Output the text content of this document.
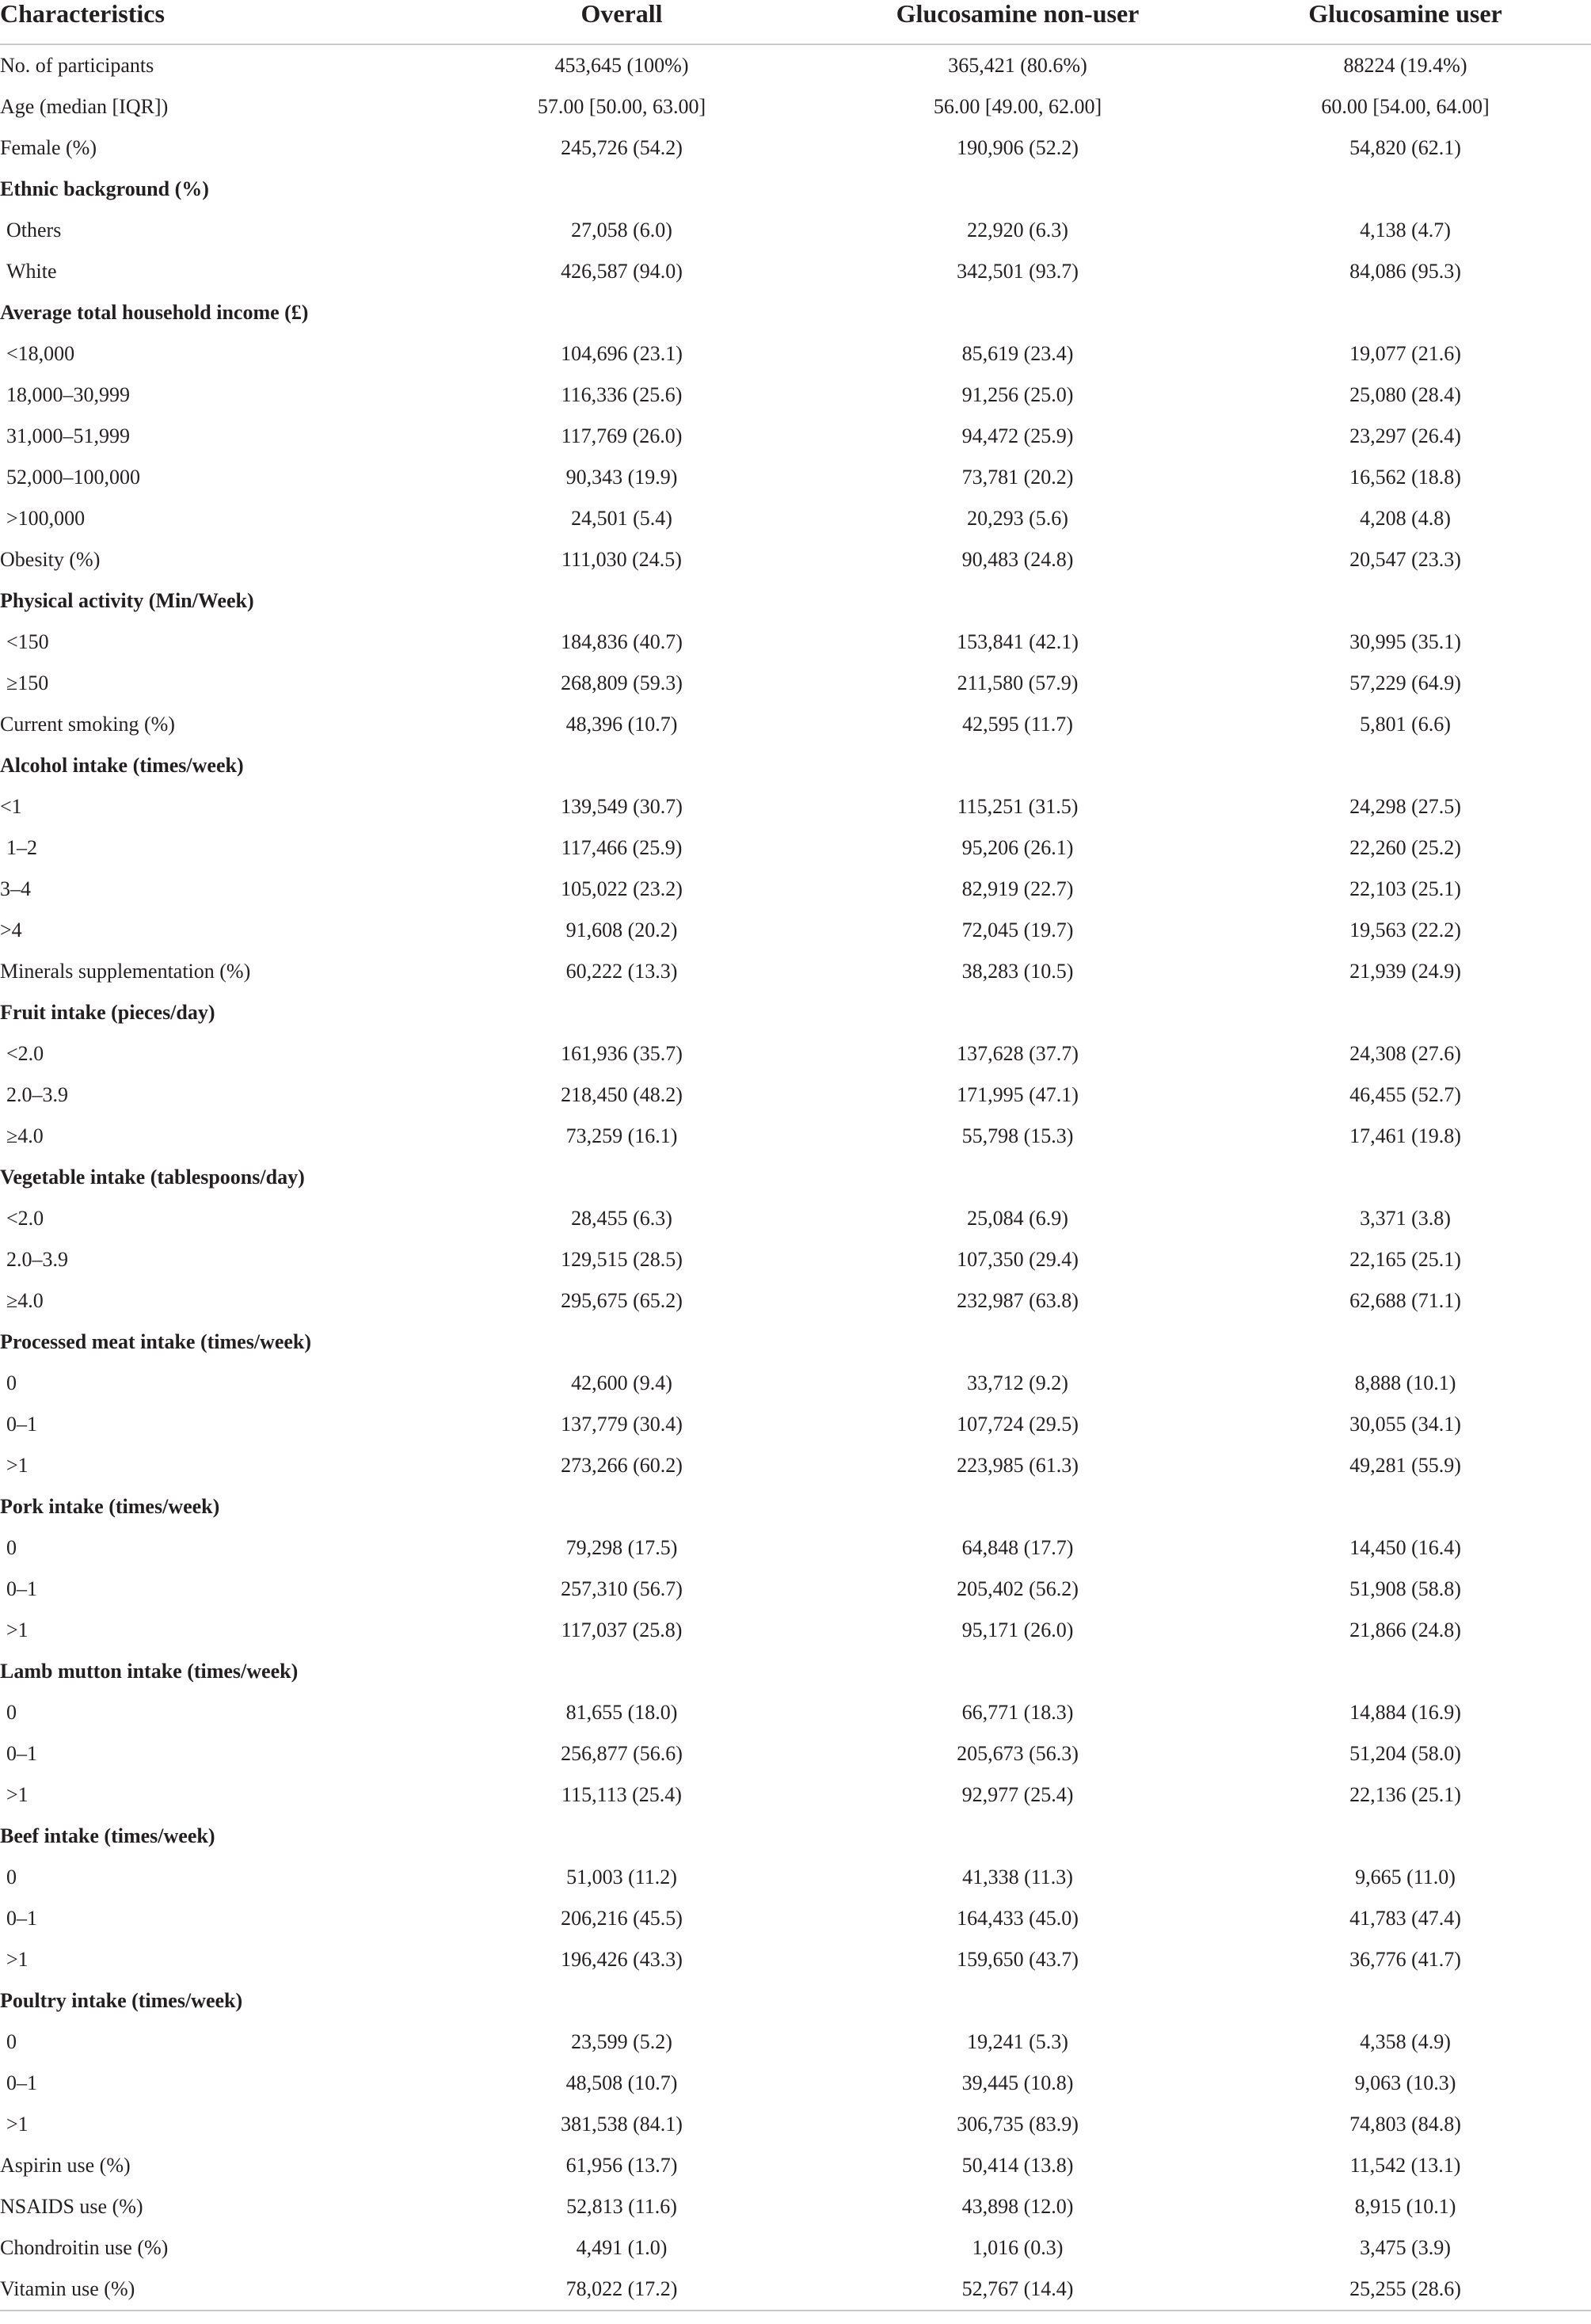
Characteristics	Overall	Glucosamine non-user	Glucosamine user
No. of participants	453,645 (100%)	365,421 (80.6%)	88224 (19.4%)
Age (median [IQR])	57.00 [50.00, 63.00]	56.00 [49.00, 62.00]	60.00 [54.00, 64.00]
Female (%)	245,726 (54.2)	190,906 (52.2)	54,820 (62.1)
Ethnic background (%)			
Others	27,058 (6.0)	22,920 (6.3)	4,138 (4.7)
White	426,587 (94.0)	342,501 (93.7)	84,086 (95.3)
Average total household income (£)			
<18,000	104,696 (23.1)	85,619 (23.4)	19,077 (21.6)
18,000–30,999	116,336 (25.6)	91,256 (25.0)	25,080 (28.4)
31,000–51,999	117,769 (26.0)	94,472 (25.9)	23,297 (26.4)
52,000–100,000	90,343 (19.9)	73,781 (20.2)	16,562 (18.8)
>100,000	24,501 (5.4)	20,293 (5.6)	4,208 (4.8)
Obesity (%)	111,030 (24.5)	90,483 (24.8)	20,547 (23.3)
Physical activity (Min/Week)			
<150	184,836 (40.7)	153,841 (42.1)	30,995 (35.1)
≥150	268,809 (59.3)	211,580 (57.9)	57,229 (64.9)
Current smoking (%)	48,396 (10.7)	42,595 (11.7)	5,801 (6.6)
Alcohol intake (times/week)			
<1	139,549 (30.7)	115,251 (31.5)	24,298 (27.5)
1–2	117,466 (25.9)	95,206 (26.1)	22,260 (25.2)
3–4	105,022 (23.2)	82,919 (22.7)	22,103 (25.1)
>4	91,608 (20.2)	72,045 (19.7)	19,563 (22.2)
Minerals supplementation (%)	60,222 (13.3)	38,283 (10.5)	21,939 (24.9)
Fruit intake (pieces/day)			
<2.0	161,936 (35.7)	137,628 (37.7)	24,308 (27.6)
2.0–3.9	218,450 (48.2)	171,995 (47.1)	46,455 (52.7)
≥4.0	73,259 (16.1)	55,798 (15.3)	17,461 (19.8)
Vegetable intake (tablespoons/day)			
<2.0	28,455 (6.3)	25,084 (6.9)	3,371 (3.8)
2.0–3.9	129,515 (28.5)	107,350 (29.4)	22,165 (25.1)
≥4.0	295,675 (65.2)	232,987 (63.8)	62,688 (71.1)
Processed meat intake (times/week)			
0	42,600 (9.4)	33,712 (9.2)	8,888 (10.1)
0–1	137,779 (30.4)	107,724 (29.5)	30,055 (34.1)
>1	273,266 (60.2)	223,985 (61.3)	49,281 (55.9)
Pork intake (times/week)			
0	79,298 (17.5)	64,848 (17.7)	14,450 (16.4)
0–1	257,310 (56.7)	205,402 (56.2)	51,908 (58.8)
>1	117,037 (25.8)	95,171 (26.0)	21,866 (24.8)
Lamb mutton intake (times/week)			
0	81,655 (18.0)	66,771 (18.3)	14,884 (16.9)
0–1	256,877 (56.6)	205,673 (56.3)	51,204 (58.0)
>1	115,113 (25.4)	92,977 (25.4)	22,136 (25.1)
Beef intake (times/week)			
0	51,003 (11.2)	41,338 (11.3)	9,665 (11.0)
0–1	206,216 (45.5)	164,433 (45.0)	41,783 (47.4)
>1	196,426 (43.3)	159,650 (43.7)	36,776 (41.7)
Poultry intake (times/week)			
0	23,599 (5.2)	19,241 (5.3)	4,358 (4.9)
0–1	48,508 (10.7)	39,445 (10.8)	9,063 (10.3)
>1	381,538 (84.1)	306,735 (83.9)	74,803 (84.8)
Aspirin use (%)	61,956 (13.7)	50,414 (13.8)	11,542 (13.1)
NSAIDS use (%)	52,813 (11.6)	43,898 (12.0)	8,915 (10.1)
Chondroitin use (%)	4,491 (1.0)	1,016 (0.3)	3,475 (3.9)
Vitamin use (%)	78,022 (17.2)	52,767 (14.4)	25,255 (28.6)
